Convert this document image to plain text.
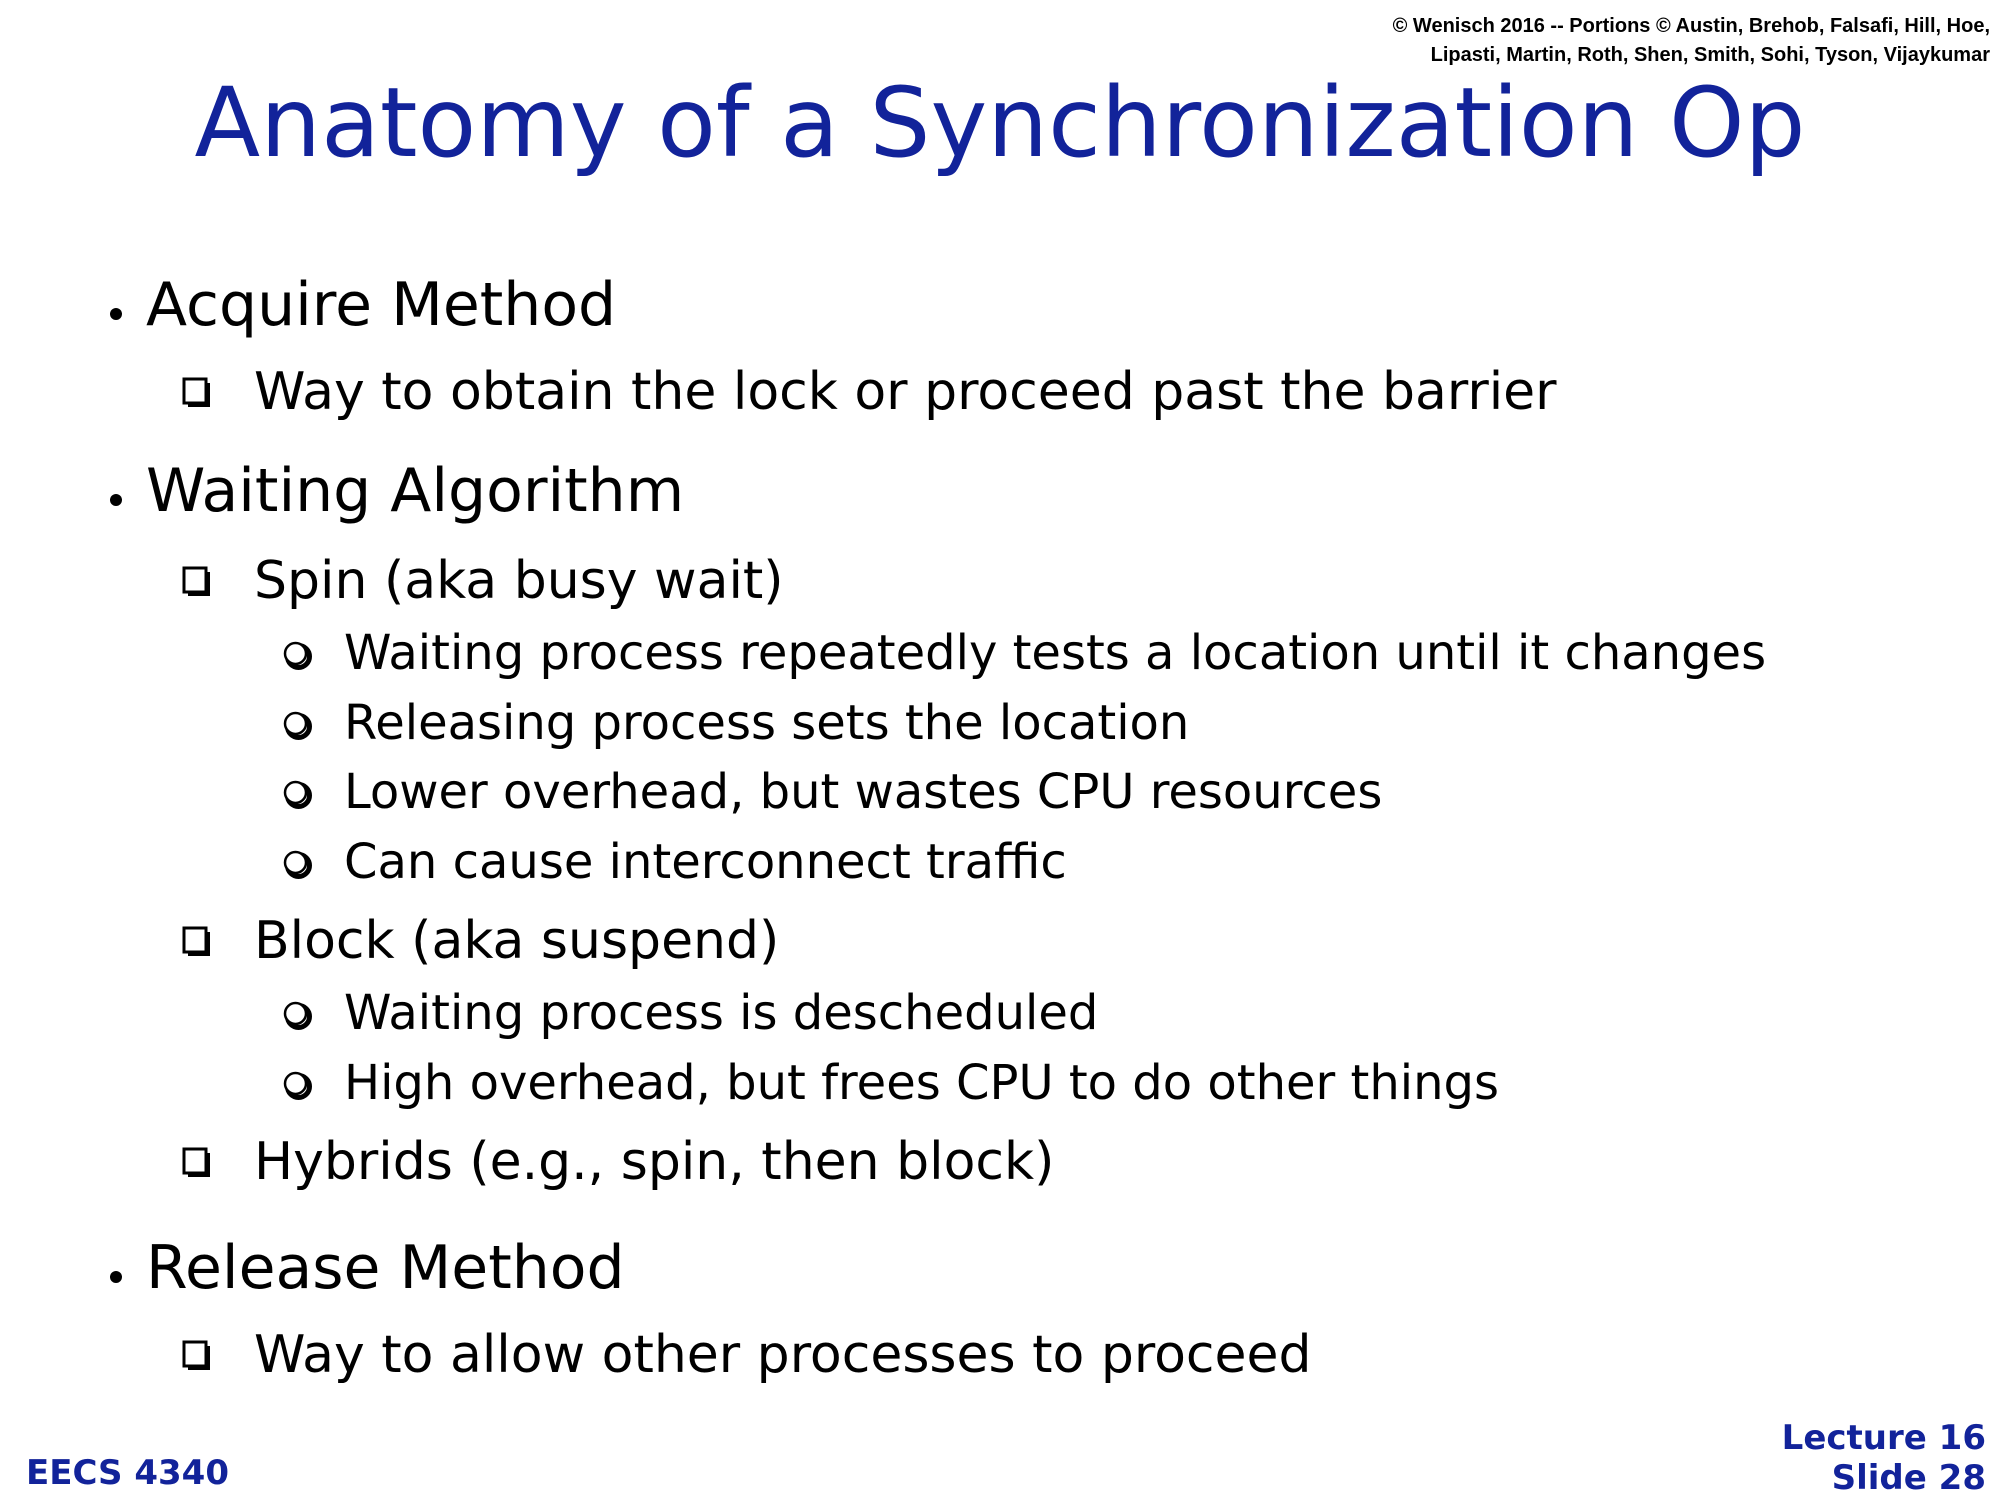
© Wenisch 2016 -- Portions © Austin, Brehob, Falsafi, Hill, Hoe,
Lipasti, Martin, Roth, Shen, Smith, Sohi, Tyson, Vijaykumar
Anatomy of a Synchronization Op
Acquire Method
Way to obtain the lock or proceed past the barrier
Waiting Algorithm
Spin (aka busy wait)
Waiting process repeatedly tests a location until it changes
Releasing process sets the location
Lower overhead, but wastes CPU resources
Can cause interconnect traffic
Block (aka suspend)
Waiting process is descheduled
High overhead, but frees CPU to do other things
Hybrids (e.g., spin, then block)
Release Method
Way to allow other processes to proceed
EECS 4340
Lecture 16
Slide 28
